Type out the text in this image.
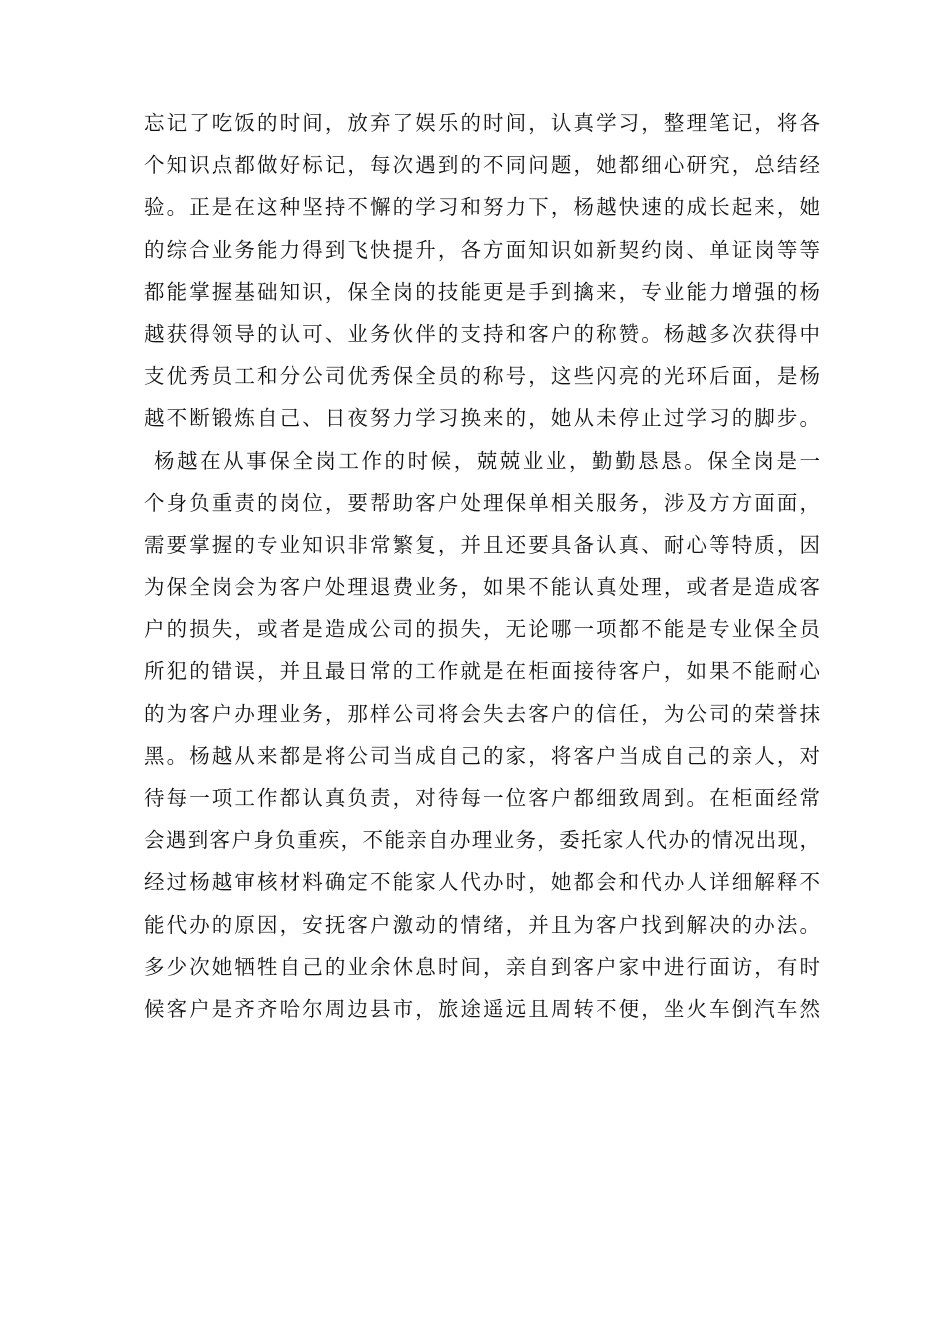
忘记了吃饭的时间，放弃了娱乐的时间，认真学习，整理笔记，将各
个知识点都做好标记，每次遇到的不同问题，她都细心研究，总结经
验。正是在这种坚持不懈的学习和努力下，杨越快速的成长起来，她
的综合业务能力得到飞快提升，各方面知识如新契约岗、单证岗等等
都能掌握基础知识，保全岗的技能更是手到擒来，专业能力增强的杨
越获得领导的认可、业务伙伴的支持和客户的称赞。杨越多次获得中
支优秀员工和分公司优秀保全员的称号，这些闪亮的光环后面，是杨
越不断锻炼自己、日夜努力学习换来的，她从未停止过学习的脚步。
杨越在从事保全岗工作的时候，兢兢业业，勤勤恳恳。保全岗是一
个身负重责的岗位，要帮助客户处理保单相关服务，涉及方方面面，
需要掌握的专业知识非常繁复，并且还要具备认真、耐心等特质，因
为保全岗会为客户处理退费业务，如果不能认真处理，或者是造成客
户的损失，或者是造成公司的损失，无论哪一项都不能是专业保全员
所犯的错误，并且最日常的工作就是在柜面接待客户，如果不能耐心
的为客户办理业务，那样公司将会失去客户的信任，为公司的荣誉抹
黑。杨越从来都是将公司当成自己的家，将客户当成自己的亲人，对
待每一项工作都认真负责，对待每一位客户都细致周到。在柜面经常
会遇到客户身负重疾，不能亲自办理业务，委托家人代办的情况出现，
经过杨越审核材料确定不能家人代办时，她都会和代办人详细解释不
能代办的原因，安抚客户激动的情绪，并且为客户找到解决的办法。
多少次她牺牲自己的业余休息时间，亲自到客户家中进行面访，有时
候客户是齐齐哈尔周边县市，旅途遥远且周转不便，坐火车倒汽车然
